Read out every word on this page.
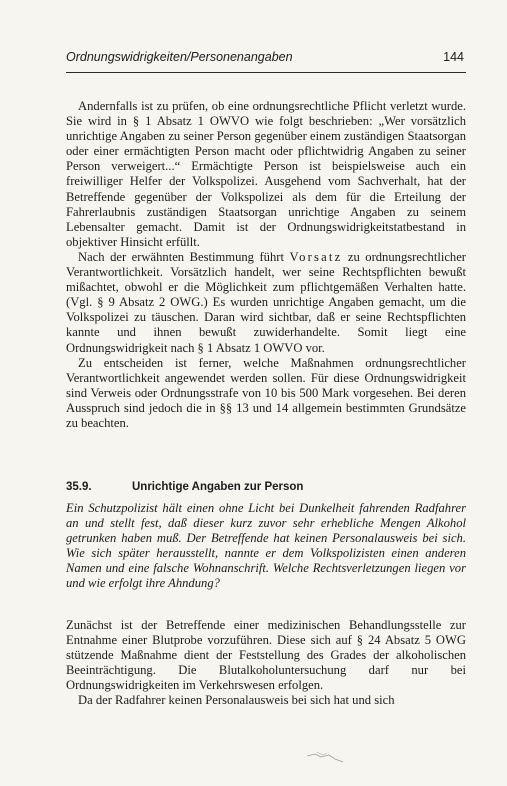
Ordnungswidrigkeiten/Personenangaben	144

Andernfalls ist zu prüfen, ob eine ordnungsrechtliche Pflicht verletzt wurde. Sie wird in § 1 Absatz 1 OWVO wie folgt beschrieben: „Wer vorsätzlich unrichtige Angaben zu seiner Person gegenüber einem zuständigen Staatsorgan oder einer ermächtigten Person macht oder pflichtwidrig Angaben zu seiner Person verweigert...“ Ermächtigte Person ist beispielsweise auch ein freiwilliger Helfer der Volkspolizei. Ausgehend vom Sachverhalt, hat der Betreffende gegenüber der Volkspolizei als dem für die Erteilung der Fahrerlaubnis zuständigen Staatsorgan unrichtige Angaben zu seinem Lebensalter gemacht. Damit ist der Ordnungswidrigkeitstatbestand in objektiver Hinsicht erfüllt.

Nach der erwähnten Bestimmung führt Vorsatz zu ordnungsrechtlicher Verantwortlichkeit. Vorsätzlich handelt, wer seine Rechtspflichten bewußt mißachtet, obwohl er die Möglichkeit zum pflichtgemäßen Verhalten hatte. (Vgl. § 9 Absatz 2 OWG.) Es wurden unrichtige Angaben gemacht, um die Volkspolizei zu täuschen. Daran wird sichtbar, daß er seine Rechtspflichten kannte und ihnen bewußt zuwiderhandelte. Somit liegt eine Ordnungswidrigkeit nach § 1 Absatz 1 OWVO vor.

Zu entscheiden ist ferner, welche Maßnahmen ordnungsrechtlicher Verantwortlichkeit angewendet werden sollen. Für diese Ordnungswidrigkeit sind Verweis oder Ordnungsstrafe von 10 bis 500 Mark vorgesehen. Bei deren Ausspruch sind jedoch die in §§ 13 und 14 allgemein bestimmten Grundsätze zu beachten.

35.9.	Unrichtige Angaben zur Person

Ein Schutzpolizist hält einen ohne Licht bei Dunkelheit fahrenden Radfahrer an und stellt fest, daß dieser kurz zuvor sehr erhebliche Mengen Alkohol getrunken haben muß. Der Betreffende hat keinen Personalausweis bei sich. Wie sich später herausstellt, nannte er dem Volkspolizisten einen anderen Namen und eine falsche Wohnanschrift. Welche Rechtsverletzungen liegen vor und wie erfolgt ihre Ahndung?

Zunächst ist der Betreffende einer medizinischen Behandlungsstelle zur Entnahme einer Blutprobe vorzuführen. Diese sich auf § 24 Absatz 5 OWG stützende Maßnahme dient der Feststellung des Grades der alkoholischen Beeinträchtigung. Die Blutalkoholuntersuchung darf nur bei Ordnungswidrigkeiten im Verkehrswesen erfolgen.

Da der Radfahrer keinen Personalausweis bei sich hat und sich
